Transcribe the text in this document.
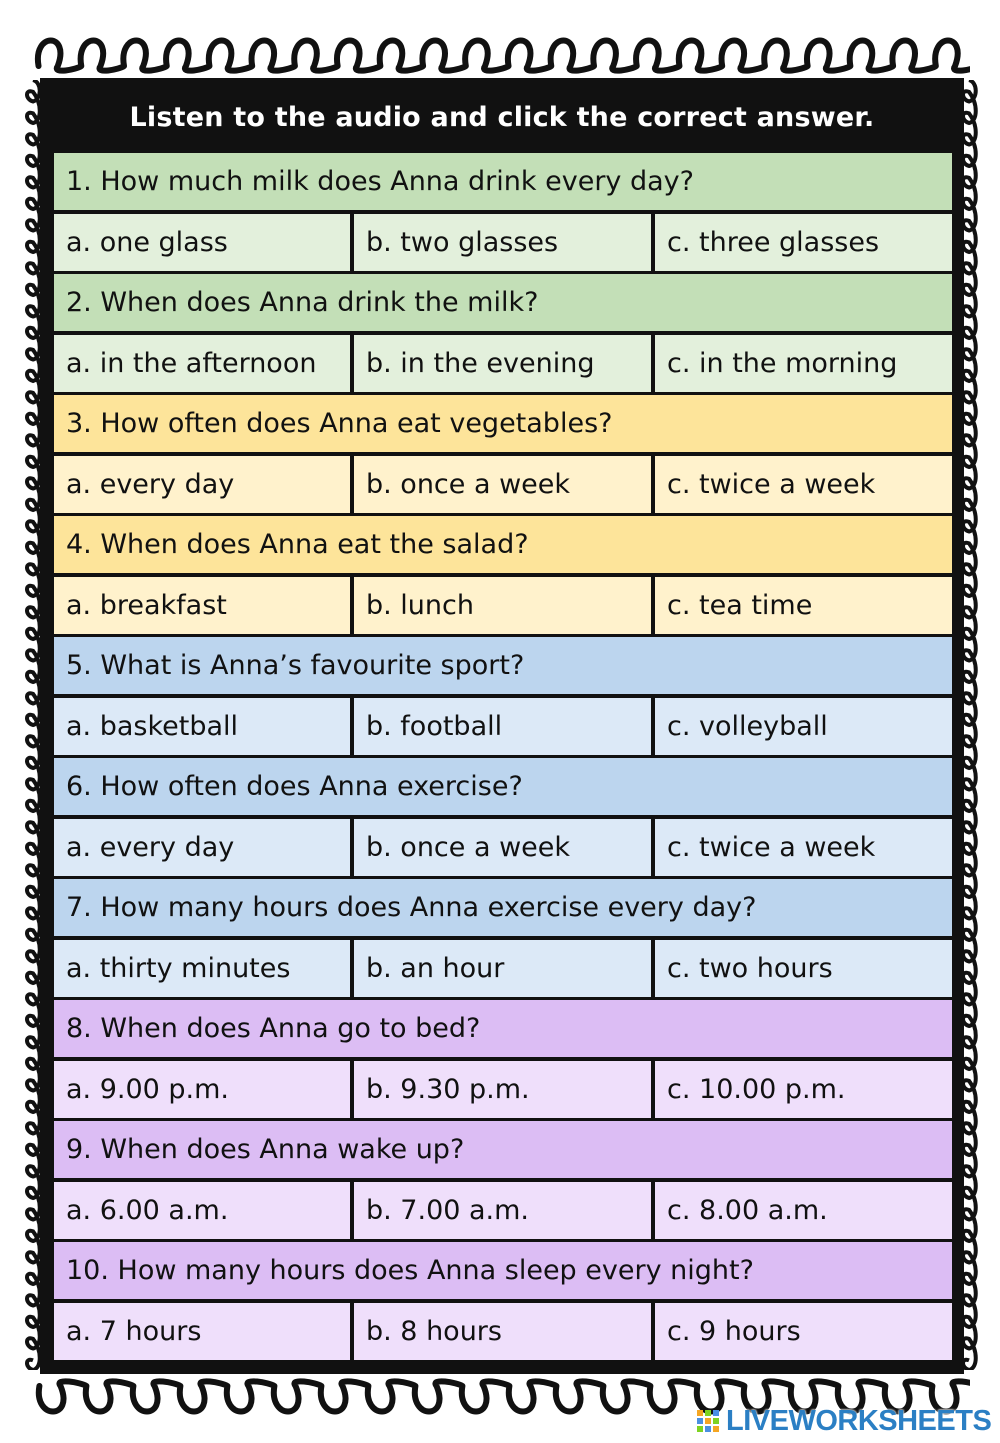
Listen to the audio and click the correct answer.
1. How much milk does Anna drink every day?
a. one glass	b. two glasses	c. three glasses
2. When does Anna drink the milk?
a. in the afternoon	b. in the evening	c. in the morning
3. How often does Anna eat vegetables?
a. every day	b. once a week	c. twice a week
4. When does Anna eat the salad?
a. breakfast	b. lunch	c. tea time
5. What is Anna’s favourite sport?
a. basketball	b. football	c. volleyball
6. How often does Anna exercise?
a. every day	b. once a week	c. twice a week
7. How many hours does Anna exercise every day?
a. thirty minutes	b. an hour	c. two hours
8. When does Anna go to bed?
a. 9.00 p.m.	b. 9.30 p.m.	c. 10.00 p.m.
9. When does Anna wake up?
a. 6.00 a.m.	b. 7.00 a.m.	c. 8.00 a.m.
10. How many hours does Anna sleep every night?
a. 7 hours	b. 8 hours	c. 9 hours
LIVEWORKSHEETS
